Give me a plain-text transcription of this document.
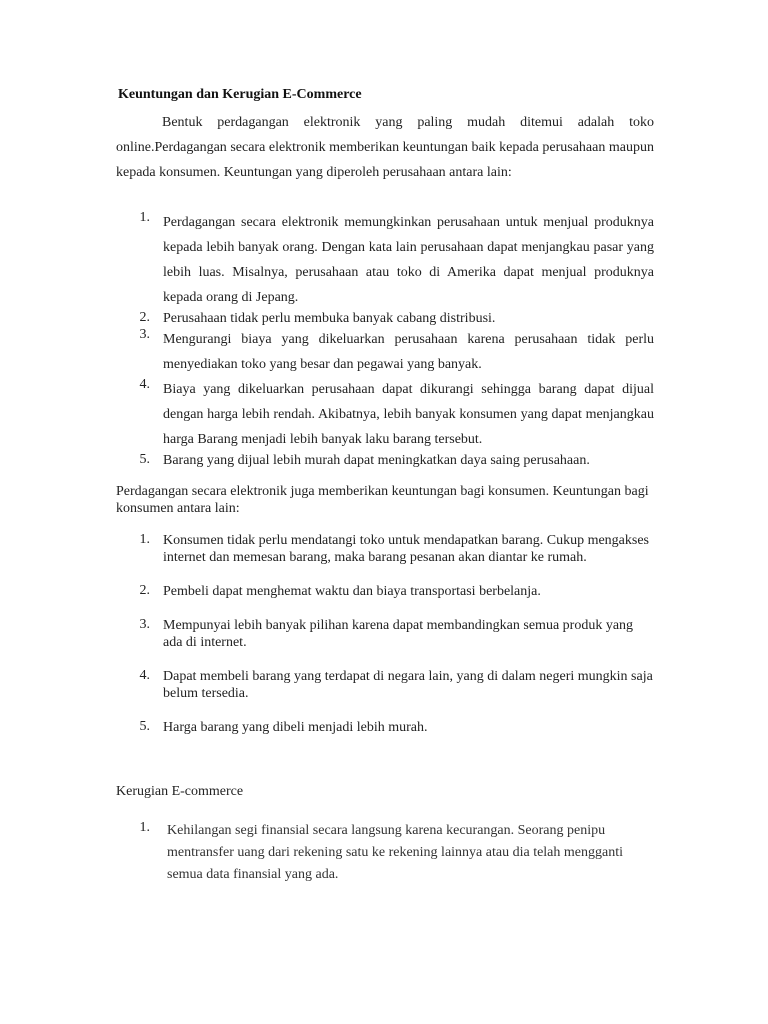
Keuntungan dan Kerugian E-Commerce
Bentuk perdagangan elektronik yang paling mudah ditemui adalah toko online.Perdagangan secara elektronik memberikan keuntungan baik kepada perusahaan maupun kepada konsumen. Keuntungan yang diperoleh perusahaan antara lain:
1. Perdagangan secara elektronik memungkinkan perusahaan untuk menjual produknya kepada lebih banyak orang. Dengan kata lain perusahaan dapat menjangkau pasar yang lebih luas. Misalnya, perusahaan atau toko di Amerika dapat menjual produknya kepada orang di Jepang.
2. Perusahaan tidak perlu membuka banyak cabang distribusi.
3. Mengurangi biaya yang dikeluarkan perusahaan karena perusahaan tidak perlu menyediakan toko yang besar dan pegawai yang banyak.
4. Biaya yang dikeluarkan perusahaan dapat dikurangi sehingga barang dapat dijual dengan harga lebih rendah. Akibatnya, lebih banyak konsumen yang dapat menjangkau harga Barang menjadi lebih banyak laku barang tersebut.
5. Barang yang dijual lebih murah dapat meningkatkan daya saing perusahaan.
Perdagangan secara elektronik juga memberikan keuntungan bagi konsumen. Keuntungan bagi konsumen antara lain:
1. Konsumen tidak perlu mendatangi toko untuk mendapatkan barang. Cukup mengakses internet dan memesan barang, maka barang pesanan akan diantar ke rumah.
2. Pembeli dapat menghemat waktu dan biaya transportasi berbelanja.
3. Mempunyai lebih banyak pilihan karena dapat membandingkan semua produk yang ada di internet.
4. Dapat membeli barang yang terdapat di negara lain, yang di dalam negeri mungkin saja belum tersedia.
5. Harga barang yang dibeli menjadi lebih murah.
Kerugian E-commerce
1. Kehilangan segi finansial secara langsung karena kecurangan. Seorang penipu mentransfer uang dari rekening satu ke rekening lainnya atau dia telah mengganti semua data finansial yang ada.
